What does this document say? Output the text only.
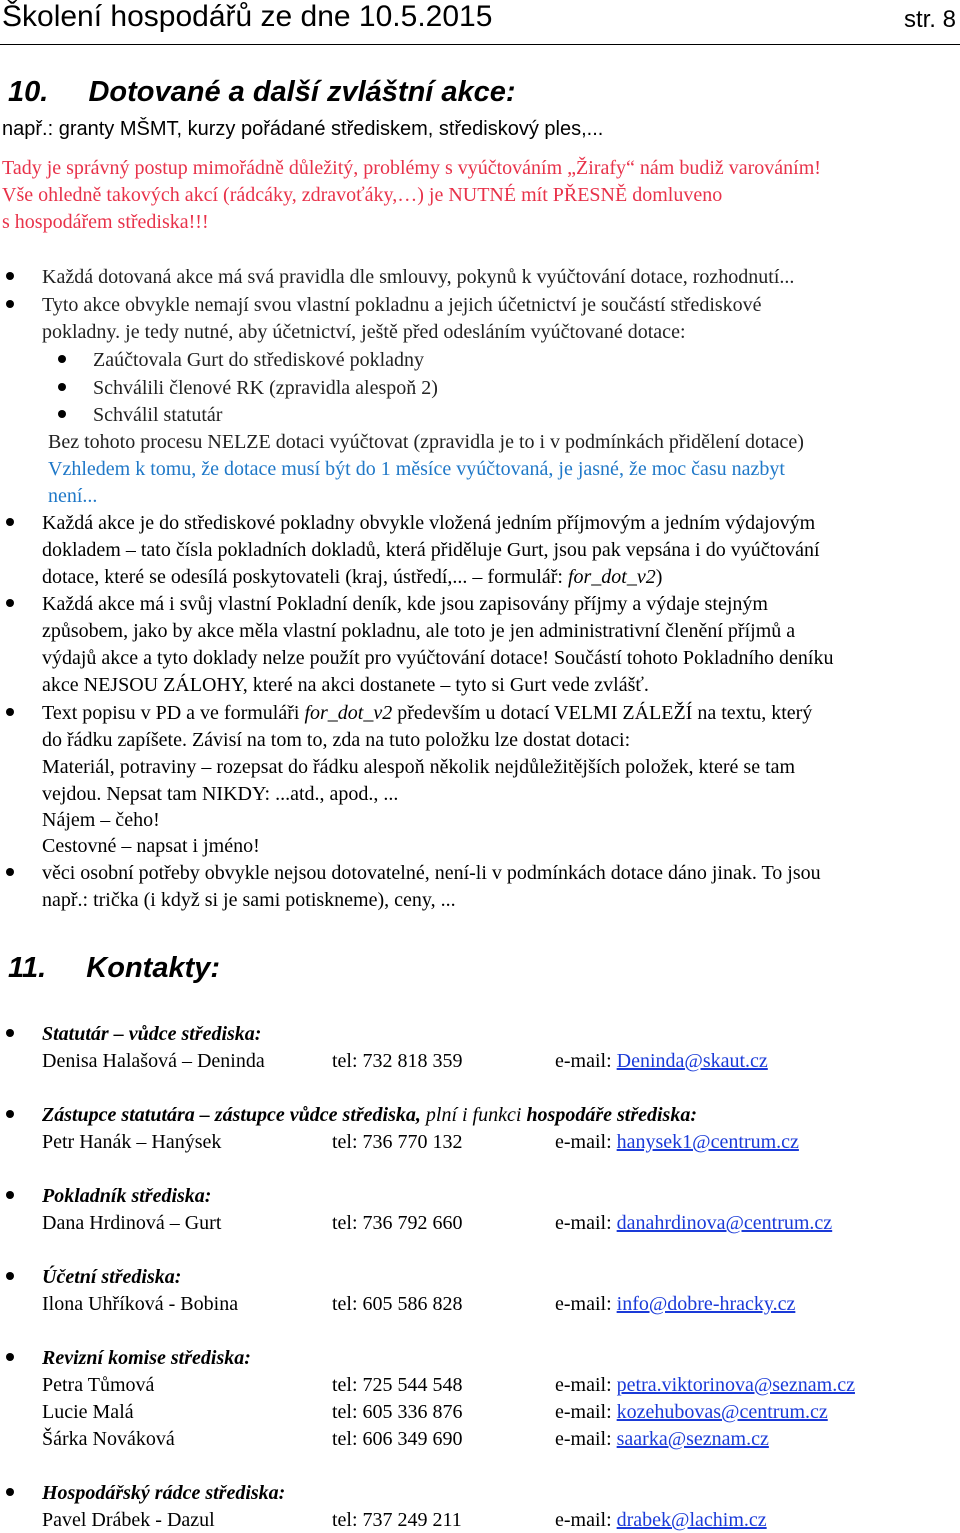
Školení hospodářů ze dne 10.5.2015	str. 8
10. Dotované a další zvláštní akce:
např.: granty MŠMT, kurzy pořádané střediskem, střediskový ples,...
Tady je správný postup mimořádně důležitý, problémy s vyúčtováním „Žirafy“ nám budiž varováním!
Vše ohledně takových akcí (rádcáky, zdravoťáky,…) je NUTNÉ mít PŘESNĚ domluveno
s hospodářem střediska!!!
Každá dotovaná akce má svá pravidla dle smlouvy, pokynů k vyúčtování dotace, rozhodnutí...
Tyto akce obvykle nemají svou vlastní pokladnu a jejich účetnictví je součástí střediskové
pokladny. je tedy nutné, aby účetnictví, ještě před odesláním vyúčtované dotace:
Zaúčtovala Gurt do střediskové pokladny
Schválili členové RK (zpravidla alespoň 2)
Schválil statutár
Bez tohoto procesu NELZE dotaci vyúčtovat (zpravidla je to i v podmínkách přidělení dotace)
Vzhledem k tomu, že dotace musí být do 1 měsíce vyúčtovaná, je jasné, že moc času nazbyt
není...
Každá akce je do střediskové pokladny obvykle vložená jedním příjmovým a jedním výdajovým
dokladem – tato čísla pokladních dokladů, která přiděluje Gurt, jsou pak vepsána i do vyúčtování
dotace, které se odesílá poskytovateli (kraj, ústředí,... – formulář: for_dot_v2)
Každá akce má i svůj vlastní Pokladní deník, kde jsou zapisovány příjmy a výdaje stejným
způsobem, jako by akce měla vlastní pokladnu, ale toto je jen administrativní členění příjmů a
výdajů akce a tyto doklady nelze použít pro vyúčtování dotace! Součástí tohoto Pokladního deníku
akce NEJSOU ZÁLOHY, které na akci dostanete – tyto si Gurt vede zvlášť.
Text popisu v PD a ve formuláři for_dot_v2 především u dotací VELMI ZÁLEŽÍ na textu, který
do řádku zapíšete. Závisí na tom to, zda na tuto položku lze dostat dotaci:
Materiál, potraviny – rozepsat do řádku alespoň několik nejdůležitějších položek, které se tam
vejdou. Nepsat tam NIKDY: ...atd., apod., ...
Nájem – čeho!
Cestovné – napsat i jméno!
věci osobní potřeby obvykle nejsou dotovatelné, není-li v podmínkách dotace dáno jinak. To jsou
např.: trička (i když si je sami potiskneme), ceny, ...
11. Kontakty:
Statutár – vůdce střediska:
Denisa Halašová – Deninda	tel: 732 818 359	e-mail: Deninda@skaut.cz
Zástupce statutára – zástupce vůdce střediska, plní i funkci hospodáře střediska:
Petr Hanák – Hanýsek	tel: 736 770 132	e-mail: hanysek1@centrum.cz
Pokladník střediska:
Dana Hrdinová – Gurt	tel: 736 792 660	e-mail: danahrdinova@centrum.cz
Účetní střediska:
Ilona Uhříková - Bobina	tel: 605 586 828	e-mail: info@dobre-hracky.cz
Revizní komise střediska:
Petra Tůmová	tel: 725 544 548	e-mail: petra.viktorinova@seznam.cz
Lucie Malá	tel: 605 336 876	e-mail: kozehubovas@centrum.cz
Šárka Nováková	tel: 606 349 690	e-mail: saarka@seznam.cz
Hospodářský rádce střediska:
Pavel Drábek - Dazul	tel: 737 249 211	e-mail: drabek@lachim.cz
